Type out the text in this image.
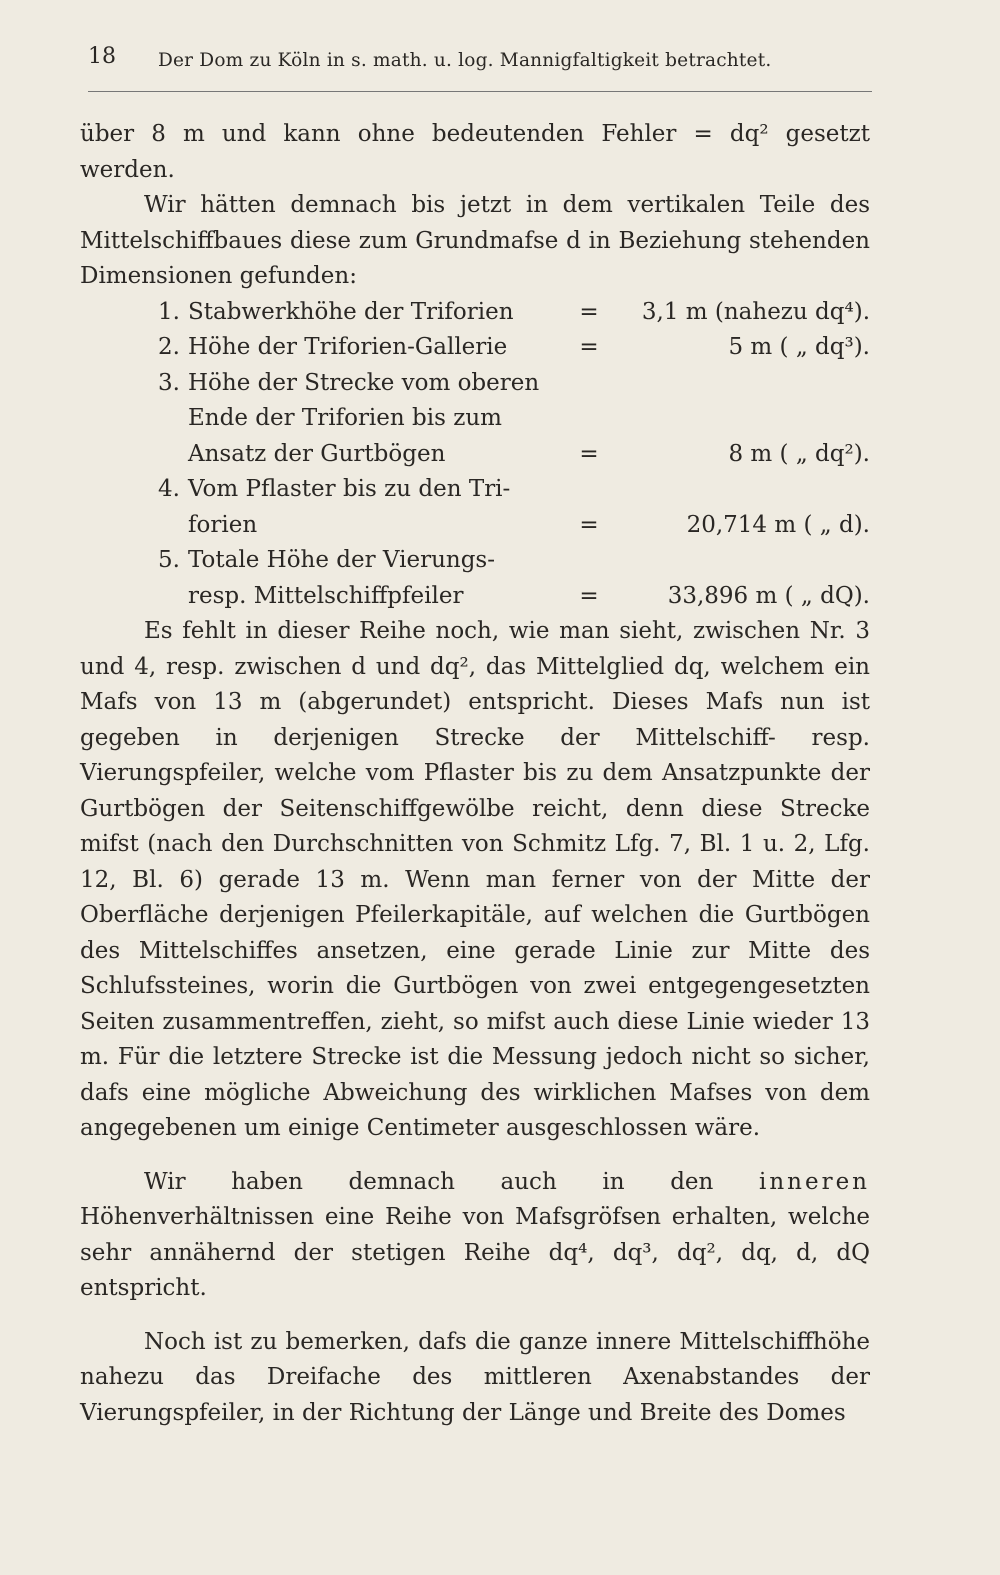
18 Der Dom zu Köln in s. math. u. log. Mannigfaltigkeit betrachtet.

über 8 m und kann ohne bedeutenden Fehler = dq² gesetzt werden.

Wir hätten demnach bis jetzt in dem vertikalen Teile des Mittelschiffbaues diese zum Grundmafse d in Beziehung stehenden Dimensionen gefunden:

1. Stabwerkhöhe der Triforien	=	3,1 m (nahezu dq⁴).
2. Höhe der Triforien-Gallerie	=	5 m ( „ dq³).
3. Höhe der Strecke vom oberen
Ende der Triforien bis zum
Ansatz der Gurtbögen	=	8 m ( „ dq²).
4. Vom Pflaster bis zu den Tri-
forien	=	20,714 m ( „ d).
5. Totale Höhe der Vierungs-
resp. Mittelschiffpfeiler	=	33,896 m ( „ dQ).

Es fehlt in dieser Reihe noch, wie man sieht, zwischen Nr. 3 und 4, resp. zwischen d und dq², das Mittelglied dq, welchem ein Mafs von 13 m (abgerundet) entspricht. Dieses Mafs nun ist gegeben in derjenigen Strecke der Mittelschiff- resp. Vierungspfeiler, welche vom Pflaster bis zu dem Ansatzpunkte der Gurtbögen der Seitenschiffgewölbe reicht, denn diese Strecke mifst (nach den Durchschnitten von Schmitz Lfg. 7, Bl. 1 u. 2, Lfg. 12, Bl. 6) gerade 13 m. Wenn man ferner von der Mitte der Oberfläche derjenigen Pfeilerkapitäle, auf welchen die Gurtbögen des Mittelschiffes ansetzen, eine gerade Linie zur Mitte des Schlufssteines, worin die Gurtbögen von zwei entgegengesetzten Seiten zusammentreffen, zieht, so mifst auch diese Linie wieder 13 m. Für die letztere Strecke ist die Messung jedoch nicht so sicher, dafs eine mögliche Abweichung des wirklichen Mafses von dem angegebenen um einige Centimeter ausgeschlossen wäre.

Wir haben demnach auch in den inneren Höhenverhältnissen eine Reihe von Mafsgröfsen erhalten, welche sehr annähernd der stetigen Reihe dq⁴, dq³, dq², dq, d, dQ entspricht.

Noch ist zu bemerken, dafs die ganze innere Mittelschiffhöhe nahezu das Dreifache des mittleren Axenabstandes der Vierungspfeiler, in der Richtung der Länge und Breite des Domes
